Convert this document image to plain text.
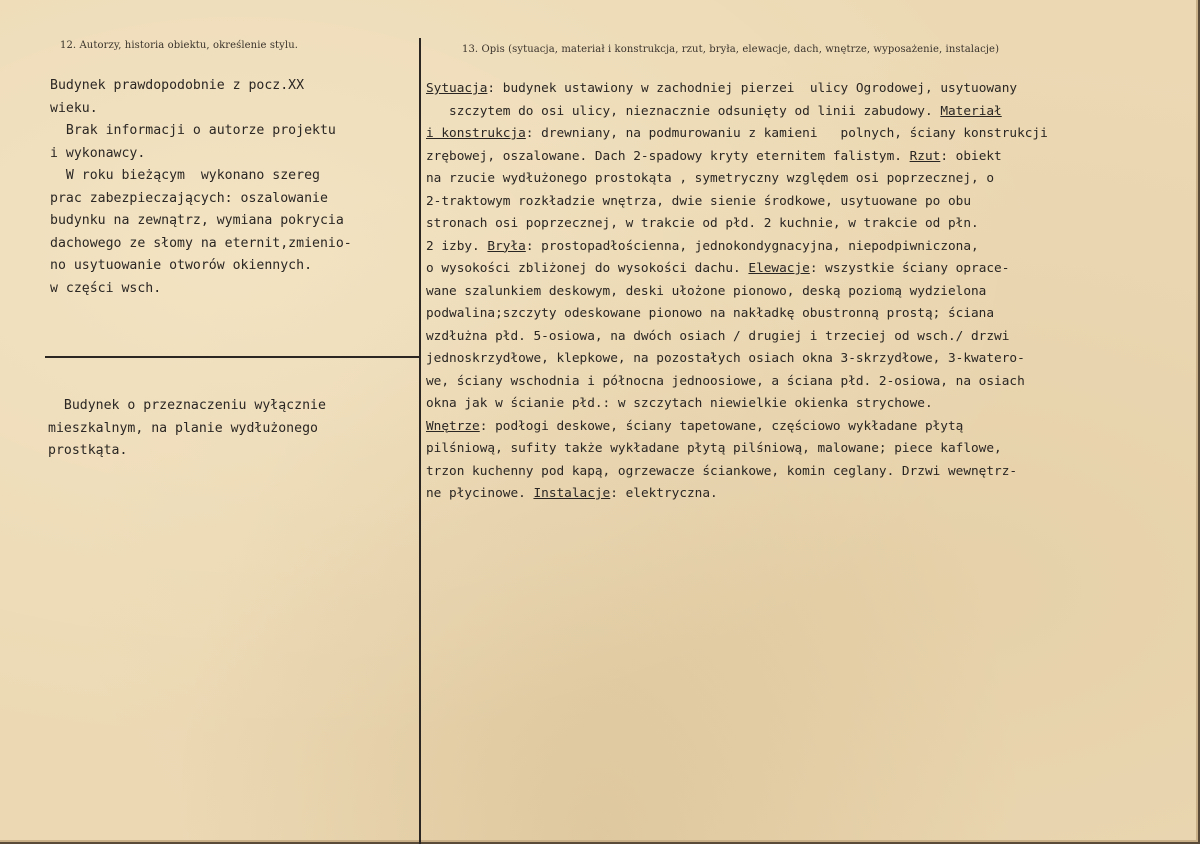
12. Autorzy, historia obiektu, określenie stylu.	13. Opis (sytuacja, materiał i konstrukcja, rzut, bryła, elewacje, dach, wnętrze, wyposażenie, instalacje)
Budynek prawdopodobnie z pocz.XX
wieku.
Brak informacji o autorze projektu
i wykonawcy.
W roku bieżącym  wykonano szereg
prac zabezpieczających: oszalowanie
budynku na zewnątrz, wymiana pokrycia
dachowego ze słomy na eternit,zmienio-
no usytuowanie otworów okiennych.
w części wsch.
Budynek o przeznaczeniu wyłącznie
mieszkalnym, na planie wydłużonego
prostkąta.
Sytuacja: budynek ustawiony w zachodniej pierzei  ulicy Ogrodowej, usytuowany
szczytem do osi ulicy, nieznacznie odsunięty od linii zabudowy. Materiał
i konstrukcja: drewniany, na podmurowaniu z kamieni   polnych, ściany konstrukcji
zrębowej, oszalowane. Dach 2-spadowy kryty eternitem falistym. Rzut: obiekt
na rzucie wydłużonego prostokąta , symetryczny względem osi poprzecznej, o
2-traktowym rozkładzie wnętrza, dwie sienie środkowe, usytuowane po obu
stronach osi poprzecznej, w trakcie od płd. 2 kuchnie, w trakcie od płn.
2 izby. Bryła: prostopadłościenna, jednokondygnacyjna, niepodpiwniczona,
o wysokości zbliżonej do wysokości dachu. Elewacje: wszystkie ściany oprace-
wane szalunkiem deskowym, deski ułożone pionowo, deską poziomą wydzielona
podwalina;szczyty odeskowane pionowo na nakładkę obustronną prostą; ściana
wzdłużna płd. 5-osiowa, na dwóch osiach / drugiej i trzeciej od wsch./ drzwi
jednoskrzydłowe, klepkowe, na pozostałych osiach okna 3-skrzydłowe, 3-kwatero-
we, ściany wschodnia i północna jednoosiowe, a ściana płd. 2-osiowa, na osiach
okna jak w ścianie płd.: w szczytach niewielkie okienka strychowe.
Wnętrze: podłogi deskowe, ściany tapetowane, częściowo wykładane płytą
pilśniową, sufity także wykładane płytą pilśniową, malowane; piece kaflowe,
trzon kuchenny pod kapą, ogrzewacze ściankowe, komin ceglany. Drzwi wewnętrz-
ne płycinowe. Instalacje: elektryczna.
